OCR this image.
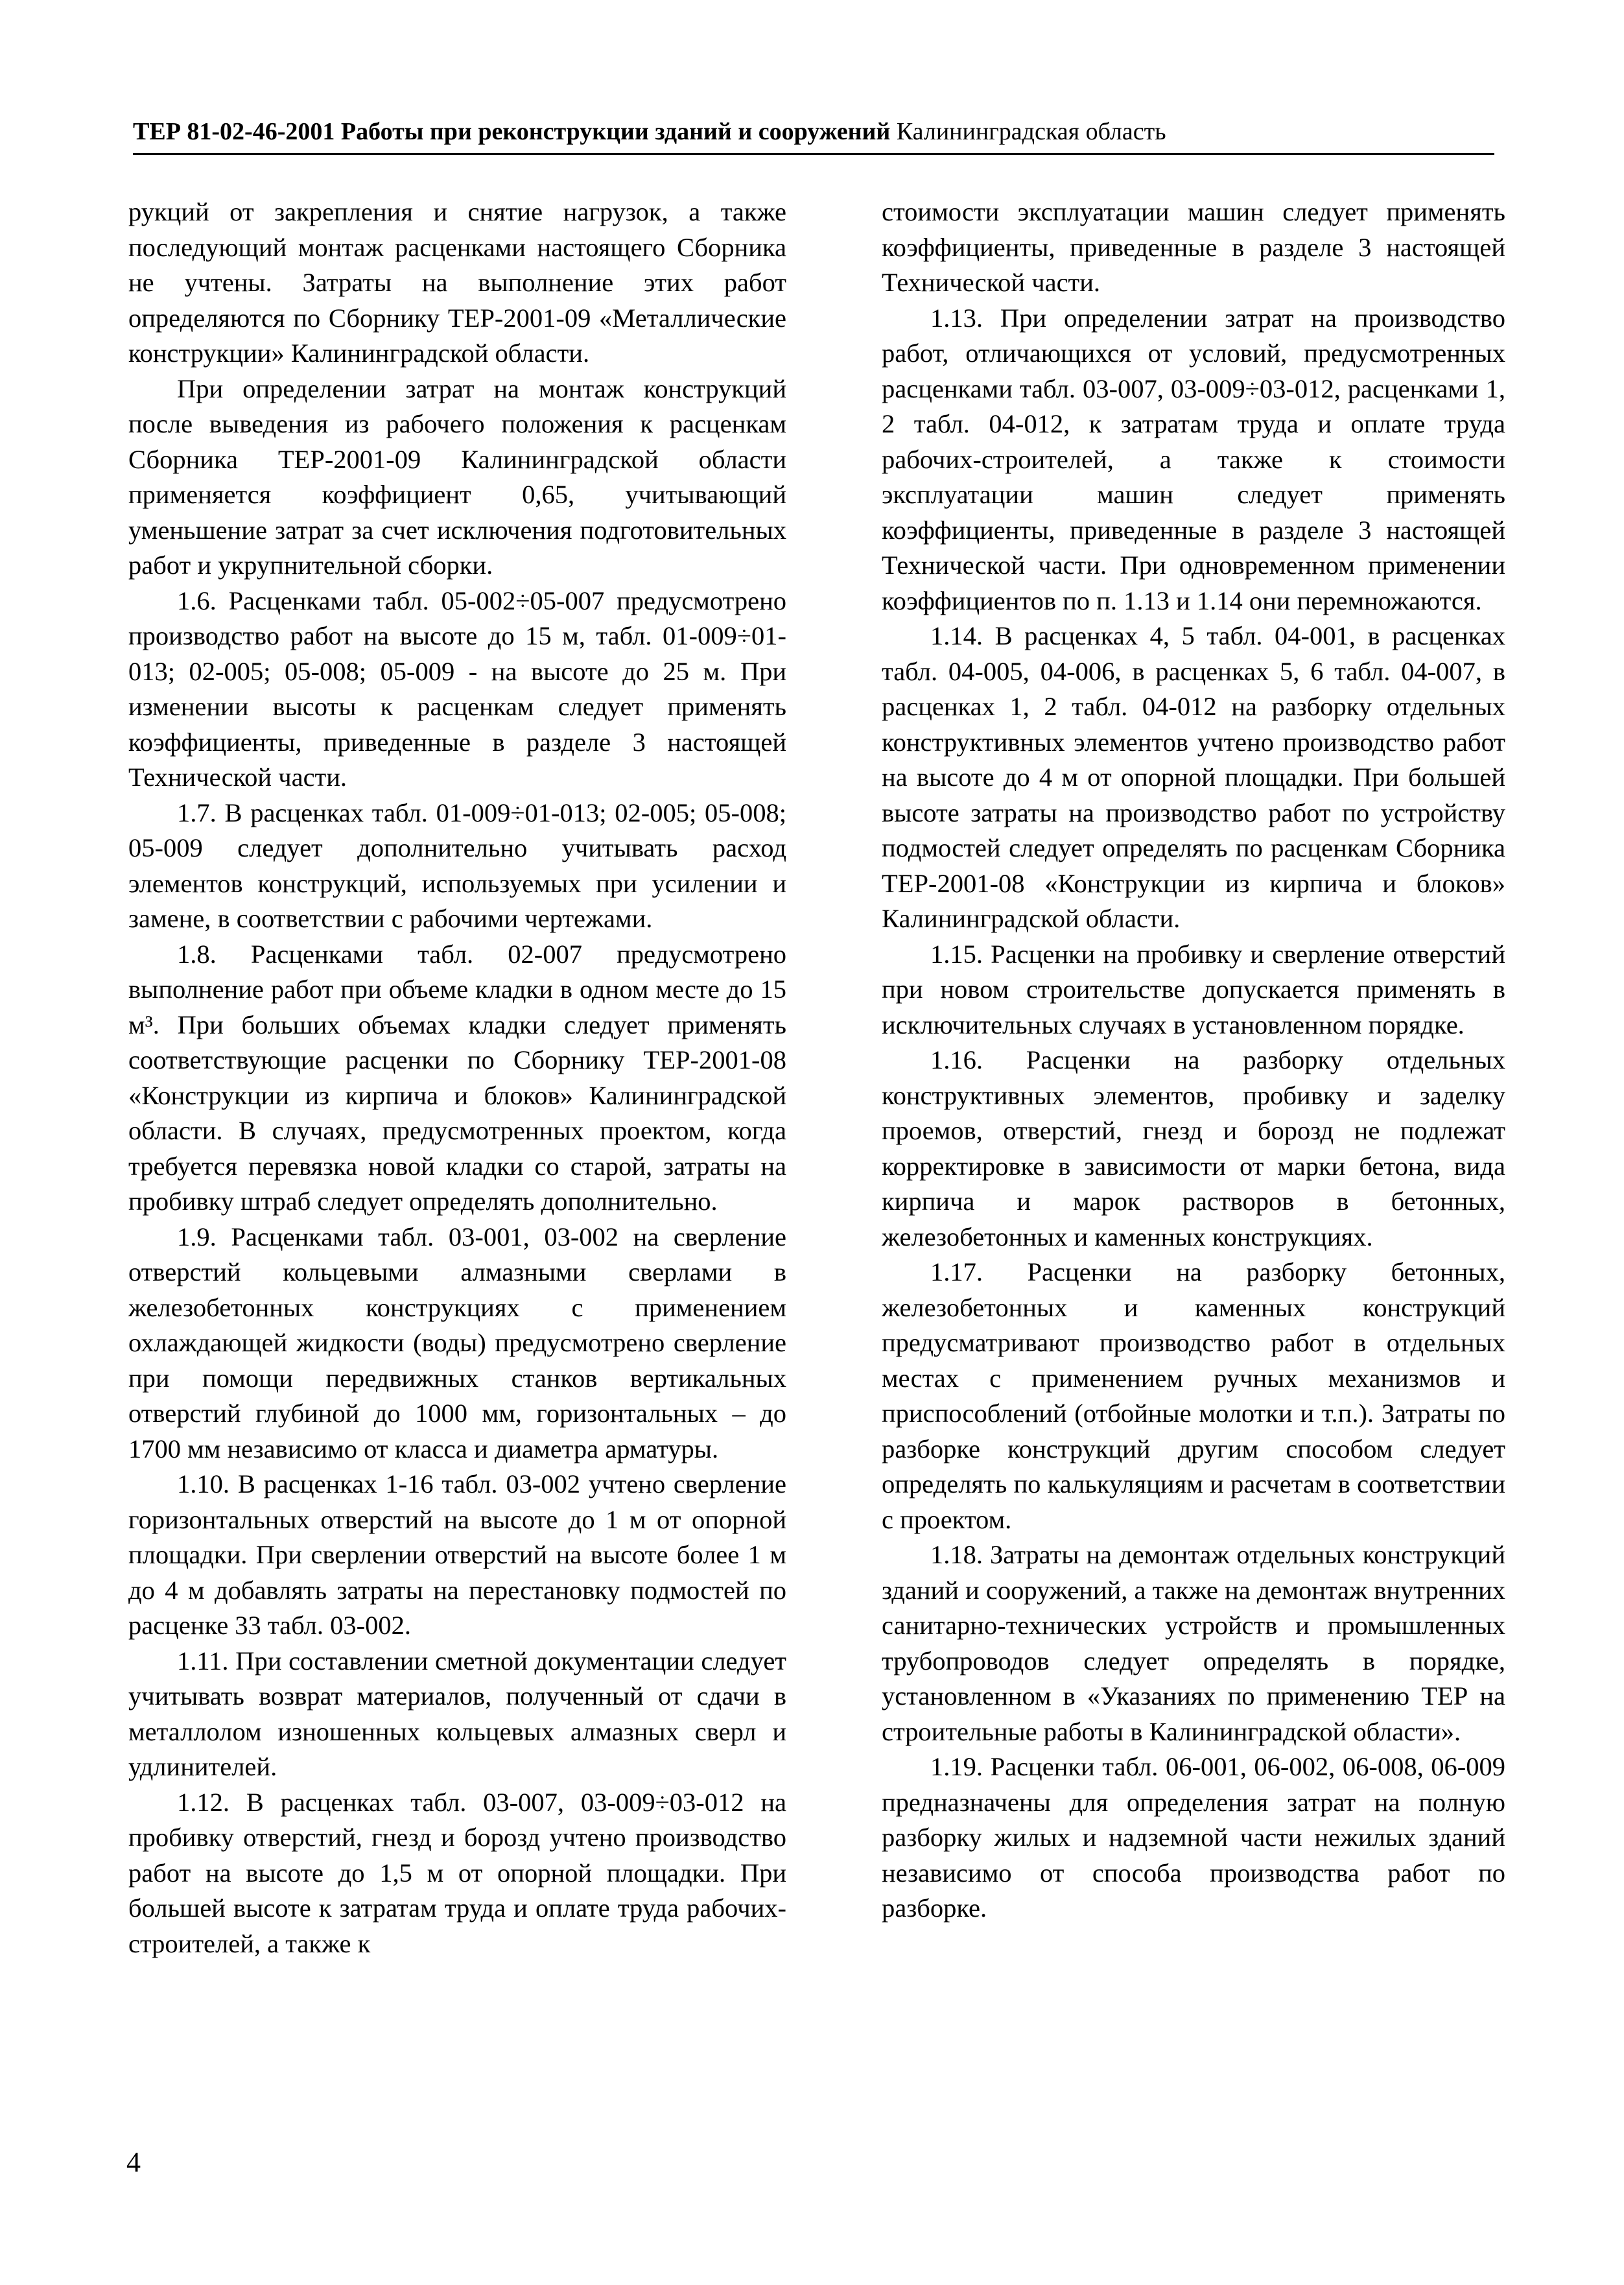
ТЕР 81-02-46-2001 Работы при реконструкции зданий и сооружений Калининградская область

рукций от закрепления и снятие нагрузок, а также последующий монтаж расценками настоящего Сборника не учтены. Затраты на выполнение этих работ определяются по Сборнику ТЕР-2001-09 «Металлические конструкции» Калининградской области.

При определении затрат на монтаж конструкций после выведения из рабочего положения к расценкам Сборника ТЕР-2001-09 Калининградской области применяется коэффициент 0,65, учитывающий уменьшение затрат за счет исключения подготовительных работ и укрупнительной сборки.

1.6. Расценками табл. 05-002÷05-007 предусмотрено производство работ на высоте до 15 м, табл. 01-009÷01-013; 02-005; 05-008; 05-009 - на высоте до 25 м. При изменении высоты к расценкам следует применять коэффициенты, приведенные в разделе 3 настоящей Технической части.

1.7. В расценках табл. 01-009÷01-013; 02-005; 05-008; 05-009 следует дополнительно учитывать расход элементов конструкций, используемых при усилении и замене, в соответствии с рабочими чертежами.

1.8. Расценками табл. 02-007 предусмотрено выполнение работ при объеме кладки в одном месте до 15 м³. При больших объемах кладки следует применять соответствующие расценки по Сборнику ТЕР-2001-08 «Конструкции из кирпича и блоков» Калининградской области. В случаях, предусмотренных проектом, когда требуется перевязка новой кладки со старой, затраты на пробивку штраб следует определять дополнительно.

1.9. Расценками табл. 03-001, 03-002 на сверление отверстий кольцевыми алмазными сверлами в железобетонных конструкциях с применением охлаждающей жидкости (воды) предусмотрено сверление при помощи передвижных станков вертикальных отверстий глубиной до 1000 мм, горизонтальных – до 1700 мм независимо от класса и диаметра арматуры.

1.10. В расценках 1-16 табл. 03-002 учтено сверление горизонтальных отверстий на высоте до 1 м от опорной площадки. При сверлении отверстий на высоте более 1 м до 4 м добавлять затраты на перестановку подмостей по расценке 33 табл. 03-002.

1.11. При составлении сметной документации следует учитывать возврат материалов, полученный от сдачи в металлолом изношенных кольцевых алмазных сверл и удлинителей.

1.12. В расценках табл. 03-007, 03-009÷03-012 на пробивку отверстий, гнезд и борозд учтено производство работ на высоте до 1,5 м от опорной площадки. При большей высоте к затратам труда и оплате труда рабочих-строителей, а также к

стоимости эксплуатации машин следует применять коэффициенты, приведенные в разделе 3 настоящей Технической части.

1.13. При определении затрат на производство работ, отличающихся от условий, предусмотренных расценками табл. 03-007, 03-009÷03-012, расценками 1, 2 табл. 04-012, к затратам труда и оплате труда рабочих-строителей, а также к стоимости эксплуатации машин следует применять коэффициенты, приведенные в разделе 3 настоящей Технической части. При одновременном применении коэффициентов по п. 1.13 и 1.14 они перемножаются.

1.14. В расценках 4, 5 табл. 04-001, в расценках табл. 04-005, 04-006, в расценках 5, 6 табл. 04-007, в расценках 1, 2 табл. 04-012 на разборку отдельных конструктивных элементов учтено производство работ на высоте до 4 м от опорной площадки. При большей высоте затраты на производство работ по устройству подмостей следует определять по расценкам Сборника ТЕР-2001-08 «Конструкции из кирпича и блоков» Калининградской области.

1.15. Расценки на пробивку и сверление отверстий при новом строительстве допускается применять в исключительных случаях в установленном порядке.

1.16. Расценки на разборку отдельных конструктивных элементов, пробивку и заделку проемов, отверстий, гнезд и борозд не подлежат корректировке в зависимости от марки бетона, вида кирпича и марок растворов в бетонных, железобетонных и каменных конструкциях.

1.17. Расценки на разборку бетонных, железобетонных и каменных конструкций предусматривают производство работ в отдельных местах с применением ручных механизмов и приспособлений (отбойные молотки и т.п.). Затраты по разборке конструкций другим способом следует определять по калькуляциям и расчетам в соответствии с проектом.

1.18. Затраты на демонтаж отдельных конструкций зданий и сооружений, а также на демонтаж внутренних санитарно-технических устройств и промышленных трубопроводов следует определять в порядке, установленном в «Указаниях по применению ТЕР на строительные работы в Калининградской области».

1.19. Расценки табл. 06-001, 06-002, 06-008, 06-009 предназначены для определения затрат на полную разборку жилых и надземной части нежилых зданий независимо от способа производства работ по разборке.

4
